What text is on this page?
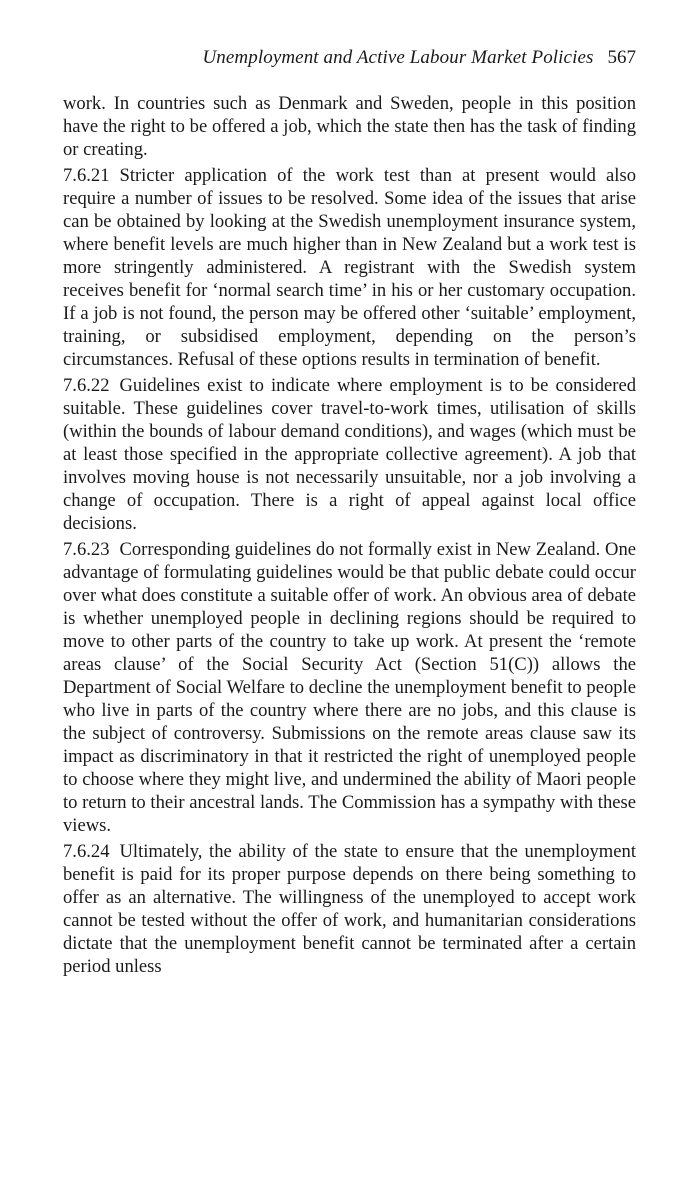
Unemployment and Active Labour Market Policies 567

work. In countries such as Denmark and Sweden, people in this position have the right to be offered a job, which the state then has the task of finding or creating.

7.6.21 Stricter application of the work test than at present would also require a number of issues to be resolved. Some idea of the issues that arise can be obtained by looking at the Swedish unemployment insurance system, where benefit levels are much higher than in New Zealand but a work test is more stringently administered. A registrant with the Swedish system receives benefit for ‘normal search time’ in his or her customary occupation. If a job is not found, the person may be offered other ‘suitable’ employment, training, or subsidised employment, depending on the person’s circumstances. Refusal of these options results in termination of benefit.

7.6.22 Guidelines exist to indicate where employment is to be considered suitable. These guidelines cover travel-to-work times, utilisation of skills (within the bounds of labour demand conditions), and wages (which must be at least those specified in the appropriate collective agreement). A job that involves moving house is not necessarily unsuitable, nor a job involving a change of occupation. There is a right of appeal against local office decisions.

7.6.23 Corresponding guidelines do not formally exist in New Zealand. One advantage of formulating guidelines would be that public debate could occur over what does constitute a suitable offer of work. An obvious area of debate is whether unemployed people in declining regions should be required to move to other parts of the country to take up work. At present the ‘remote areas clause’ of the Social Security Act (Section 51(C)) allows the Department of Social Welfare to decline the unemployment benefit to people who live in parts of the country where there are no jobs, and this clause is the subject of controversy. Submissions on the remote areas clause saw its impact as discriminatory in that it restricted the right of unemployed people to choose where they might live, and undermined the ability of Maori people to return to their ancestral lands. The Commission has a sympathy with these views.

7.6.24 Ultimately, the ability of the state to ensure that the unemployment benefit is paid for its proper purpose depends on there being something to offer as an alternative. The willingness of the unemployed to accept work cannot be tested without the offer of work, and humanitarian considerations dictate that the unemployment benefit cannot be terminated after a certain period unless
